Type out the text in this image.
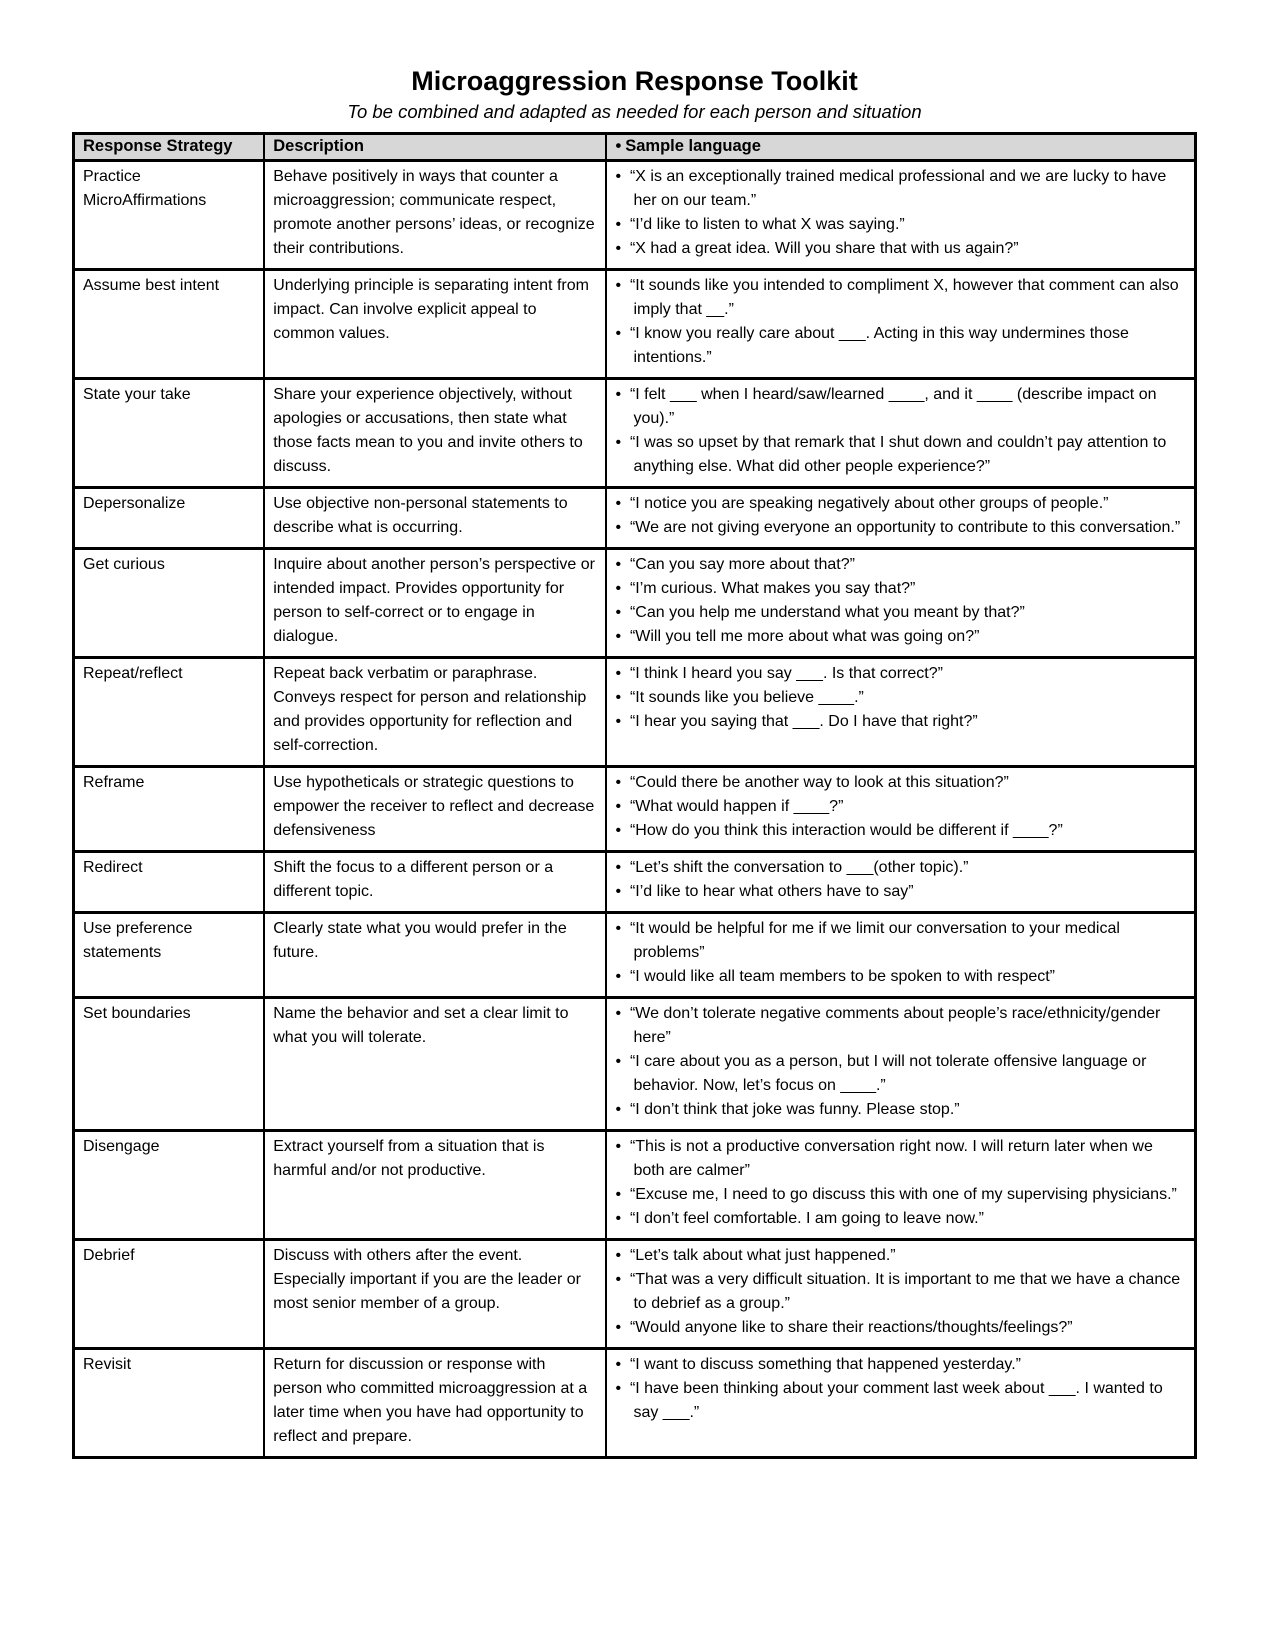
Microaggression Response Toolkit
To be combined and adapted as needed for each person and situation
Response Strategy	Description	• Sample language
Practice MicroAffirmations	Behave positively in ways that counter a microaggression; communicate respect, promote another persons’ ideas, or recognize their contributions.	
•  “X is an exceptionally trained medical professional and we are lucky to have her on our team.”
•  “I’d like to listen to what X was saying.”
•  “X had a great idea. Will you share that with us again?”

Assume best intent	Underlying principle is separating intent from impact. Can involve explicit appeal to common values.	
•  “It sounds like you intended to compliment X, however that comment can also imply that __.”
•  “I know you really care about ___. Acting in this way undermines those intentions.”

State your take	Share your experience objectively, without apologies or accusations, then state what those facts mean to you and invite others to discuss.	
•  “I felt ___ when I heard/saw/learned ____, and it ____ (describe impact on you).”
•  “I was so upset by that remark that I shut down and couldn’t pay attention to anything else. What did other people experience?”

Depersonalize	Use objective non-personal statements to describe what is occurring.	
•  “I notice you are speaking negatively about other groups of people.”
•  “We are not giving everyone an opportunity to contribute to this conversation.”

Get curious	Inquire about another person’s perspective or intended impact. Provides opportunity for person to self-correct or to engage in dialogue.	
•  “Can you say more about that?”
•  “I’m curious. What makes you say that?”
•  “Can you help me understand what you meant by that?”
•  “Will you tell me more about what was going on?”

Repeat/reflect	Repeat back verbatim or paraphrase. Conveys respect for person and relationship and provides opportunity for reflection and self-correction.	
•  “I think I heard you say ___. Is that correct?”
•  “It sounds like you believe ____.”
•  “I hear you saying that ___. Do I have that right?”

Reframe	Use hypotheticals or strategic questions to empower the receiver to reflect and decrease defensiveness	
•  “Could there be another way to look at this situation?”
•  “What would happen if ____?”
•  “How do you think this interaction would be different if ____?”

Redirect	Shift the focus to a different person or a different topic.	
•  “Let’s shift the conversation to ___(other topic).”
•  “I’d like to hear what others have to say”

Use preference statements	Clearly state what you would prefer in the future.	
•  “It would be helpful for me if we limit our conversation to your medical problems”
•  “I would like all team members to be spoken to with respect”

Set boundaries	Name the behavior and set a clear limit to what you will tolerate.	
•  “We don’t tolerate negative comments about people’s race/ethnicity/gender here”
•  “I care about you as a person, but I will not tolerate offensive language or behavior. Now, let’s focus on ____.”
•  “I don’t think that joke was funny. Please stop.”

Disengage	Extract yourself from a situation that is harmful and/or not productive.	
•  “This is not a productive conversation right now. I will return later when we both are calmer”
•  “Excuse me, I need to go discuss this with one of my supervising physicians.”
•  “I don’t feel comfortable. I am going to leave now.”

Debrief	Discuss with others after the event. Especially important if you are the leader or most senior member of a group.	
•  “Let’s talk about what just happened.”
•  “That was a very difficult situation. It is important to me that we have a chance to debrief as a group.”
•  “Would anyone like to share their reactions/thoughts/feelings?”

Revisit	Return for discussion or response with person who committed microaggression at a later time when you have had opportunity to reflect and prepare.	
•  “I want to discuss something that happened yesterday.”
•  “I have been thinking about your comment last week about ___. I wanted to say ___.”
